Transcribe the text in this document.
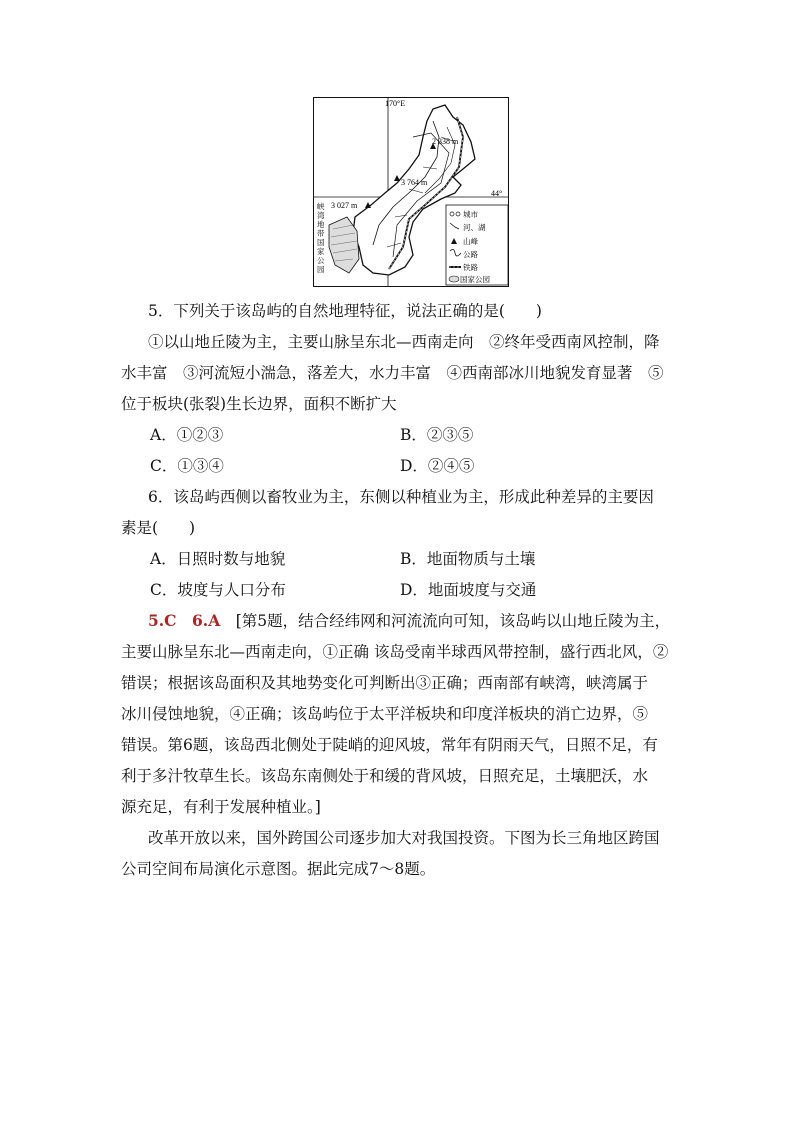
170°E
44°
2 338 m
3 764 m
3 027 m
峡
湾
地
带
国
家
公
园
城市
河、湖
山峰
公路
铁路
国家公园
5．下列关于该岛屿的自然地理特征，说法正确的是(　　)
①以山地丘陵为主，主要山脉呈东北—西南走向　②终年受西南风控制，降
水丰富　③河流短小湍急，落差大，水力丰富　④西南部冰川地貌发育显著　⑤
位于板块(张裂)生长边界，面积不断扩大
A．①②③	B．②③⑤
C．①③④	D．②④⑤
6．该岛屿西侧以畜牧业为主，东侧以种植业为主，形成此种差异的主要因
素是(　　)
A．日照时数与地貌	B．地面物质与土壤
C．坡度与人口分布	D．地面坡度与交通
5.C　6.A　[第5题，结合经纬网和河流流向可知，该岛屿以山地丘陵为主，
主要山脉呈东北—西南走向，①正确 该岛受南半球西风带控制，盛行西北风，②
错误；根据该岛面积及其地势变化可判断出③正确；西南部有峡湾，峡湾属于
冰川侵蚀地貌，④正确；该岛屿位于太平洋板块和印度洋板块的消亡边界，⑤
错误。第6题，该岛西北侧处于陡峭的迎风坡，常年有阴雨天气，日照不足，有
利于多汁牧草生长。该岛东南侧处于和缓的背风坡，日照充足，土壤肥沃，水
源充足，有利于发展种植业。]
改革开放以来，国外跨国公司逐步加大对我国投资。下图为长三角地区跨国
公司空间布局演化示意图。据此完成7～8题。
